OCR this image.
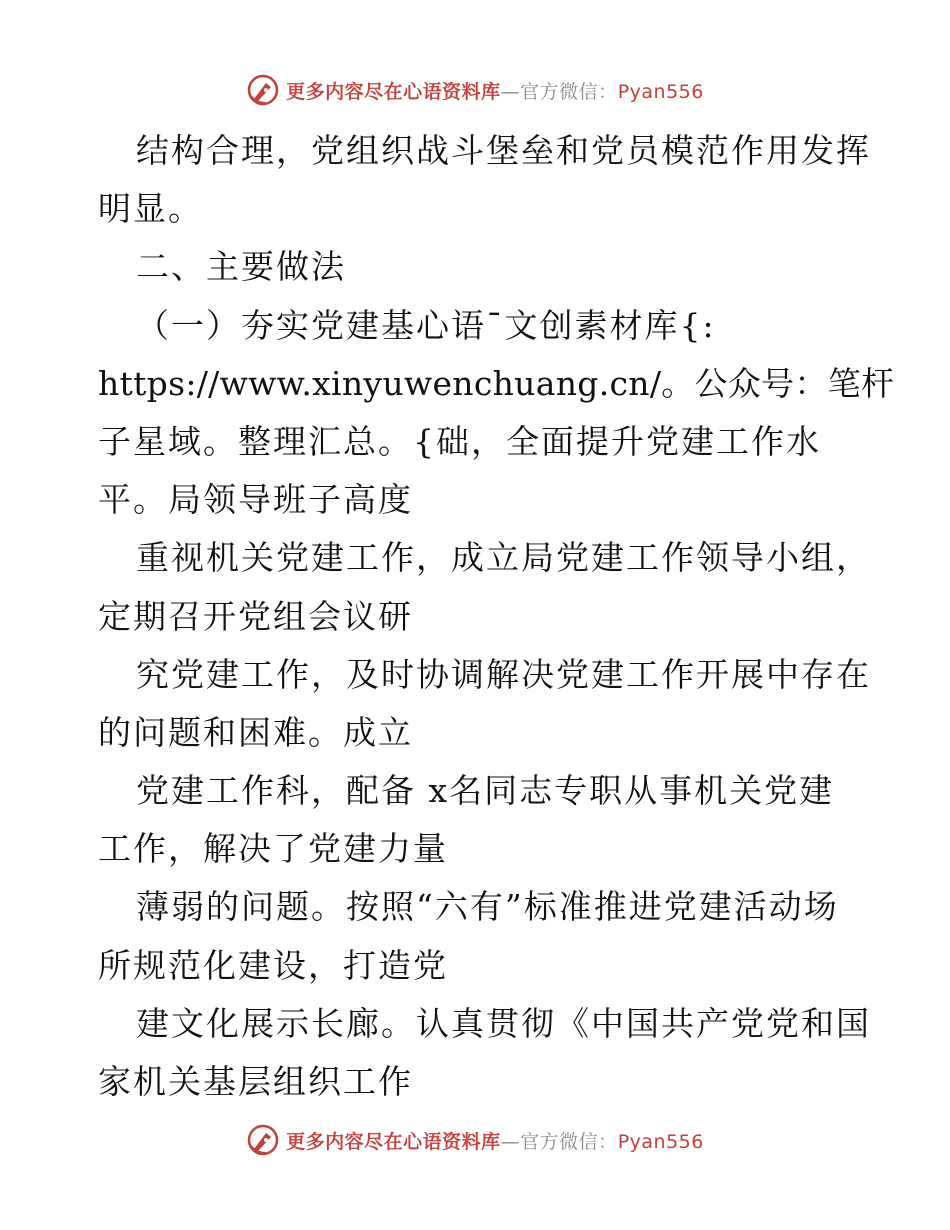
更多内容尽在心语资料库—官方微信：Pyan556
结构合理，党组织战斗堡垒和党员模范作用发挥
明显。
二、主要做法
（一）夯实党建基心语¯文创素材库{:
https://www.xinyuwenchuang.cn/。公众号：笔杆
子星域。整理汇总。{础，全面提升党建工作水
平。局领导班子高度
重视机关党建工作，成立局党建工作领导小组，
定期召开党组会议研
究党建工作，及时协调解决党建工作开展中存在
的问题和困难。成立
党建工作科，配备 x名同志专职从事机关党建
工作，解决了党建力量
薄弱的问题。按照“六有”标准推进党建活动场
所规范化建设，打造党
建文化展示长廊。认真贯彻《中国共产党党和国
家机关基层组织工作
更多内容尽在心语资料库—官方微信：Pyan556
